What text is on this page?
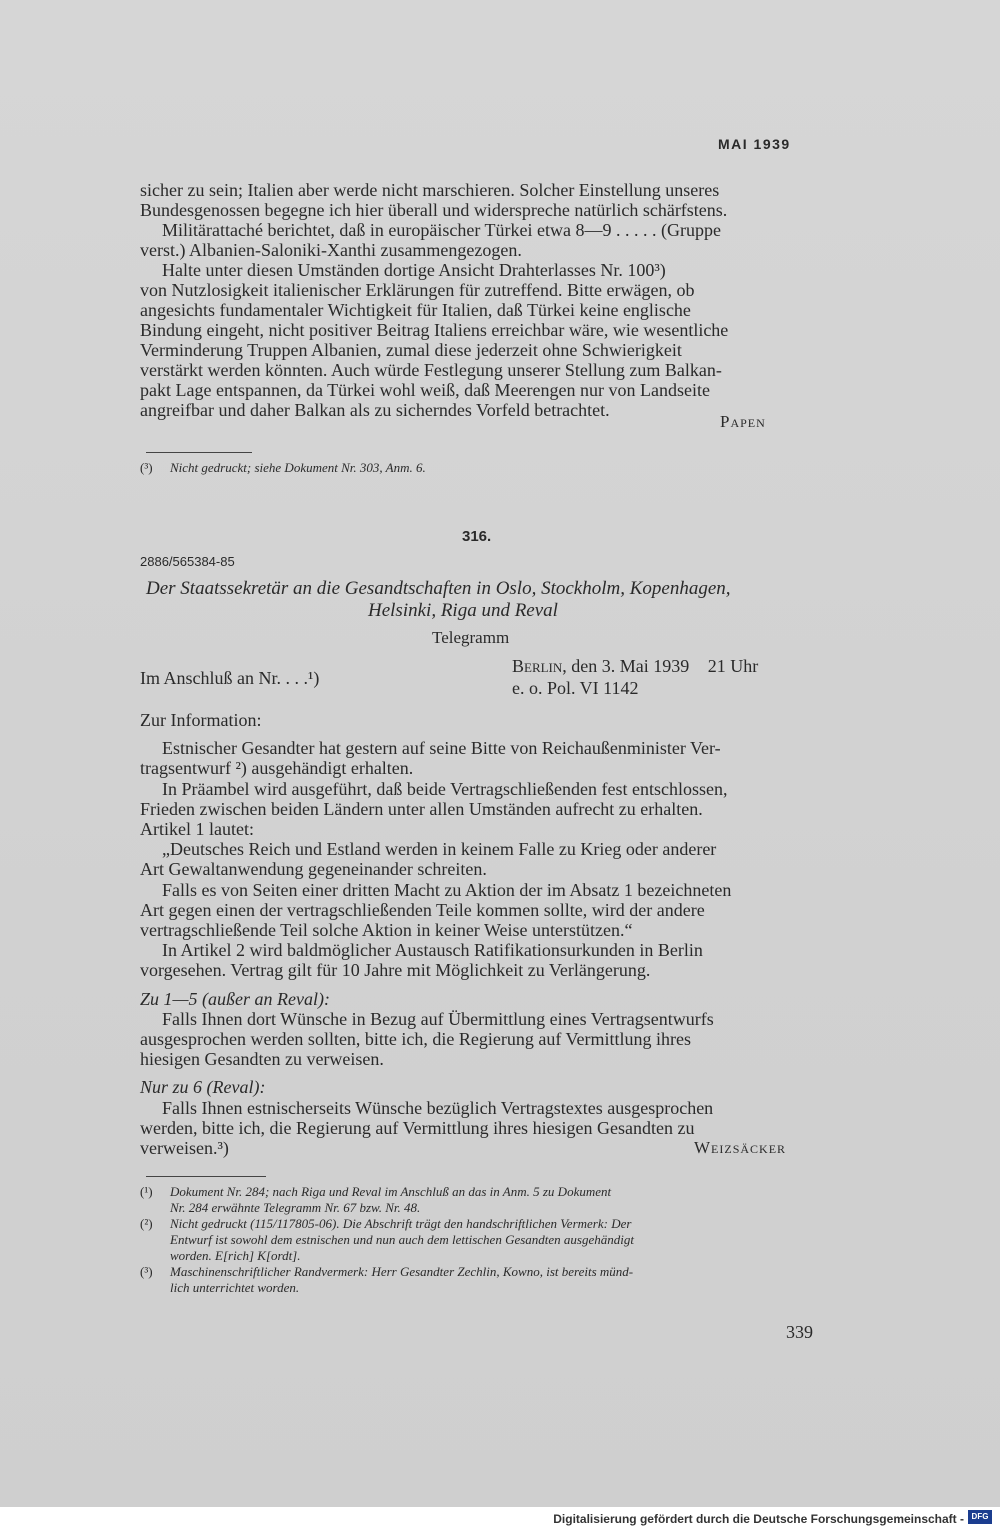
MAI 1939
sicher zu sein; Italien aber werde nicht marschieren. Solcher Einstellung unseres
Bundesgenossen begegne ich hier überall und widerspreche natürlich schärfstens.
Militärattaché berichtet, daß in europäischer Türkei etwa 8—9 . . . . . (Gruppe
verst.) Albanien-Saloniki-Xanthi zusammengezogen.
Halte unter diesen Umständen dortige Ansicht Drahterlasses Nr. 100³)
von Nutzlosigkeit italienischer Erklärungen für zutreffend. Bitte erwägen, ob
angesichts fundamentaler Wichtigkeit für Italien, daß Türkei keine englische
Bindung eingeht, nicht positiver Beitrag Italiens erreichbar wäre, wie wesentliche
Verminderung Truppen Albanien, zumal diese jederzeit ohne Schwierigkeit
verstärkt werden könnten. Auch würde Festlegung unserer Stellung zum Balkan-
pakt Lage entspannen, da Türkei wohl weiß, daß Meerengen nur von Landseite
angreifbar und daher Balkan als zu sicherndes Vorfeld betrachtet.
Papen
(³) Nicht gedruckt; siehe Dokument Nr. 303, Anm. 6.
316.
2886/565384-85
Der Staatssekretär an die Gesandtschaften in Oslo, Stockholm, Kopenhagen,
Helsinki, Riga und Reval
Telegramm
Im Anschluß an Nr. . . .¹)
Berlin, den 3. Mai 1939 21 Uhr
e. o. Pol. VI 1142
Zur Information:
Estnischer Gesandter hat gestern auf seine Bitte von Reichaußenminister Ver-
tragsentwurf ²) ausgehändigt erhalten.
In Präambel wird ausgeführt, daß beide Vertragschließenden fest entschlossen,
Frieden zwischen beiden Ländern unter allen Umständen aufrecht zu erhalten.
Artikel 1 lautet:
„Deutsches Reich und Estland werden in keinem Falle zu Krieg oder anderer
Art Gewaltanwendung gegeneinander schreiten.
Falls es von Seiten einer dritten Macht zu Aktion der im Absatz 1 bezeichneten
Art gegen einen der vertragschließenden Teile kommen sollte, wird der andere
vertragschließende Teil solche Aktion in keiner Weise unterstützen.“
In Artikel 2 wird baldmöglicher Austausch Ratifikationsurkunden in Berlin
vorgesehen. Vertrag gilt für 10 Jahre mit Möglichkeit zu Verlängerung.
Zu 1—5 (außer an Reval):
Falls Ihnen dort Wünsche in Bezug auf Übermittlung eines Vertragsentwurfs
ausgesprochen werden sollten, bitte ich, die Regierung auf Vermittlung ihres
hiesigen Gesandten zu verweisen.
Nur zu 6 (Reval):
Falls Ihnen estnischerseits Wünsche bezüglich Vertragstextes ausgesprochen
werden, bitte ich, die Regierung auf Vermittlung ihres hiesigen Gesandten zu
verweisen.³)	Weizsäcker
(¹) Dokument Nr. 284; nach Riga und Reval im Anschluß an das in Anm. 5 zu Dokument
Nr. 284 erwähnte Telegramm Nr. 67 bzw. Nr. 48.
(²) Nicht gedruckt (115/117805-06). Die Abschrift trägt den handschriftlichen Vermerk: Der
Entwurf ist sowohl dem estnischen und nun auch dem lettischen Gesandten ausgehändigt
worden. E[rich] K[ordt].
(³) Maschinenschriftlicher Randvermerk: Herr Gesandter Zechlin, Kowno, ist bereits münd-
lich unterrichtet worden.
339
Digitalisierung gefördert durch die Deutsche Forschungsgemeinschaft - DFG
